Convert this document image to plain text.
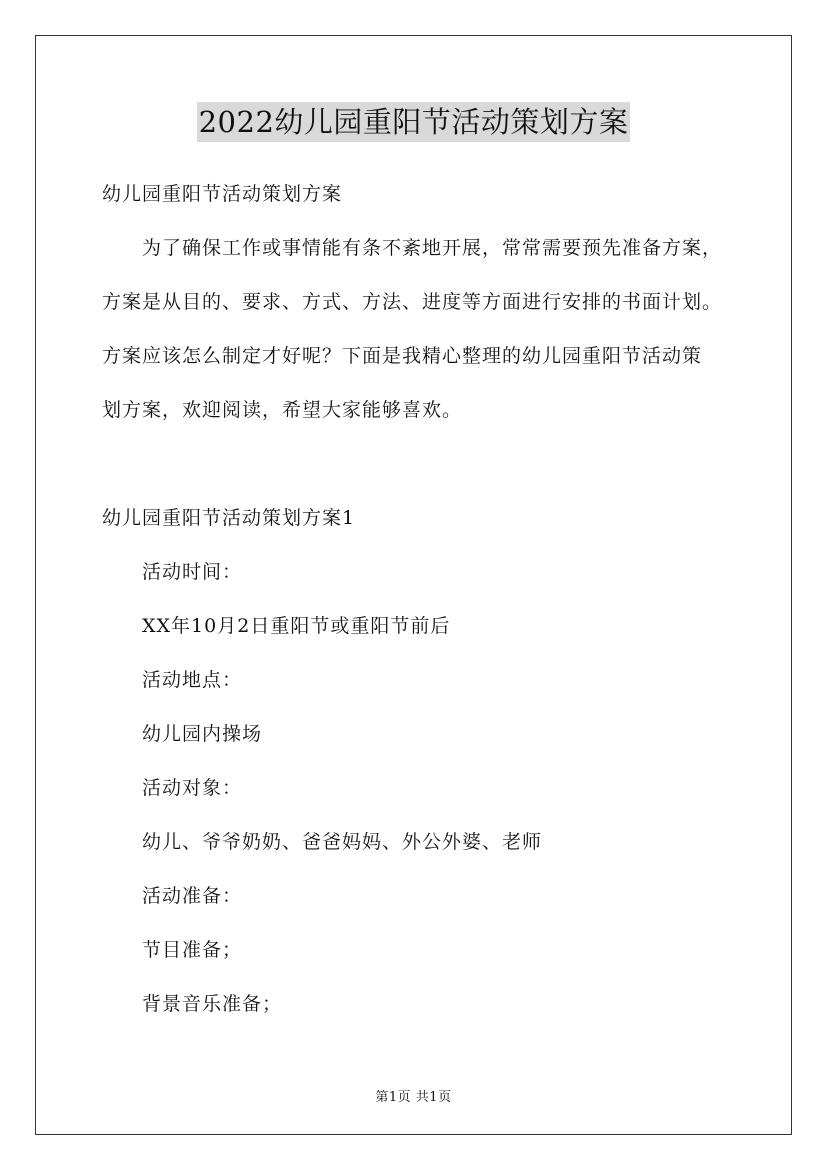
2022幼儿园重阳节活动策划方案
幼儿园重阳节活动策划方案
为了确保工作或事情能有条不紊地开展，常常需要预先准备方案，
方案是从目的、要求、方式、方法、进度等方面进行安排的书面计划。
方案应该怎么制定才好呢？下面是我精心整理的幼儿园重阳节活动策
划方案，欢迎阅读，希望大家能够喜欢。
幼儿园重阳节活动策划方案1
活动时间：
XX年10月2日重阳节或重阳节前后
活动地点：
幼儿园内操场
活动对象：
幼儿、爷爷奶奶、爸爸妈妈、外公外婆、老师
活动准备：
节目准备；
背景音乐准备；
第1页 共1页
